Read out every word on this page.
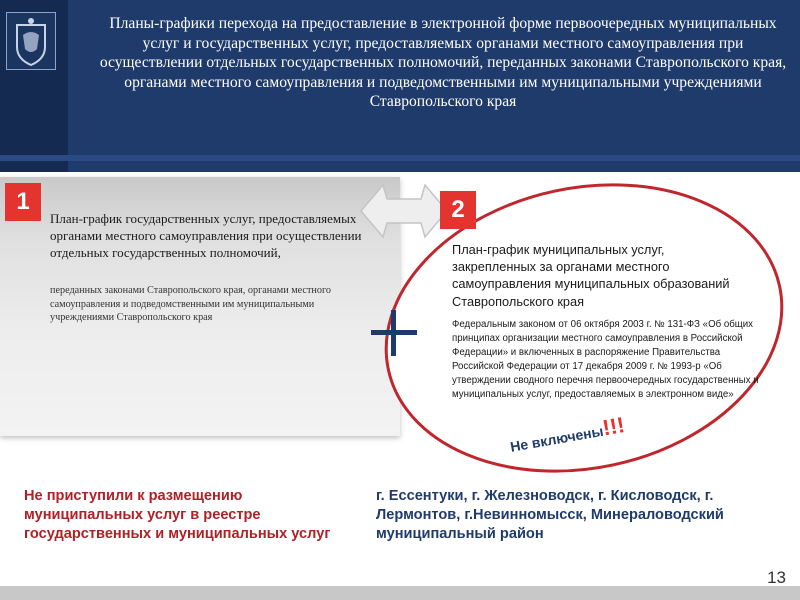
Планы-графики перехода на предоставление в электронной форме первоочередных муниципальных услуг и государственных услуг, предоставляемых органами местного самоуправления при осуществлении отдельных государственных полномочий, переданных законами Ставропольского края, органами местного самоуправления и подведомственными им муниципальными учреждениями Ставропольского края
1
План-график государственных услуг, предоставляемых органами местного самоуправления при осуществлении отдельных государственных полномочий,
переданных законами Ставропольского края, органами местного самоуправления и подведомственными им муниципальными учреждениями Ставропольского края
2
План-график муниципальных услуг, закрепленных за органами местного самоуправления муниципальных образований Ставропольского края
Федеральным законом от 06 октября 2003 г. № 131-ФЗ «Об общих принципах организации местного самоуправления в Российской Федерации» и включенных в распоряжение Правительства Российской Федерации от 17 декабря 2009 г. № 1993-р «Об утверждении сводного перечня первоочередных государственных и муниципальных услуг, предоставляемых в электронном виде»
Не включены!!!
Не приступили к размещению муниципальных услуг в реестре государственных и муниципальных услуг
г. Ессентуки, г. Железноводск, г. Кисловодск, г. Лермонтов, г.Невинномысск, Минераловодский муниципальный район
13
